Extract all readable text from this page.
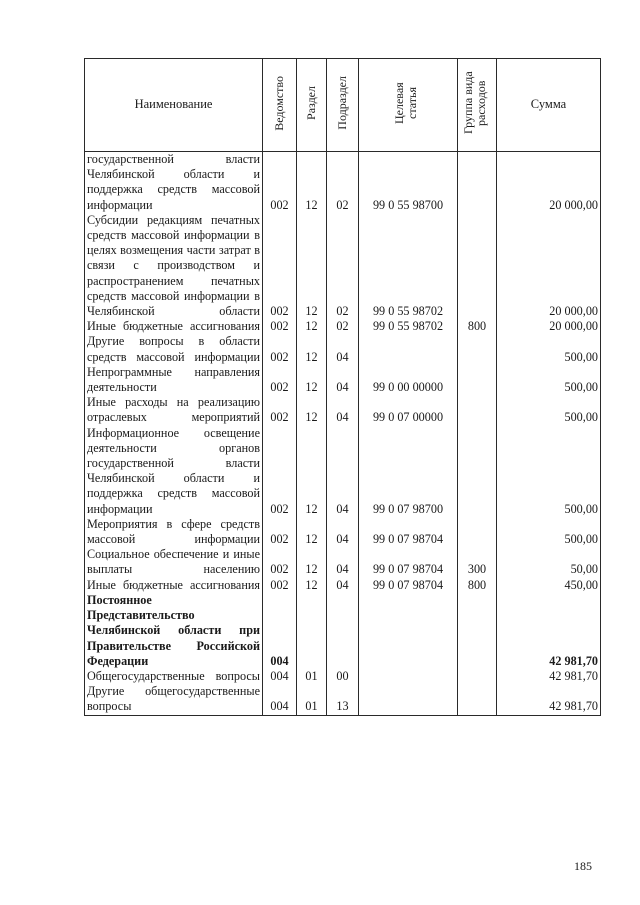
Наименование	Ведомство	Раздел	Подраздел	Целевая статья	Группа вида расходов	Сумма
государственной власти Челябинской области и поддержка средств массовой информации	002	12	02	99 0 55 98700		20 000,00
Субсидии редакциям печатных средств массовой информации в целях возмещения части затрат в связи с производством и распространением печатных средств массовой информации в Челябинской области	002	12	02	99 0 55 98702		20 000,00
Иные бюджетные ассигнования	002	12	02	99 0 55 98702	800	20 000,00
Другие вопросы в области средств массовой информации	002	12	04			500,00
Непрограммные направления деятельности	002	12	04	99 0 00 00000		500,00
Иные расходы на реализацию отраслевых мероприятий	002	12	04	99 0 07 00000		500,00
Информационное освещение деятельности органов государственной власти Челябинской области и поддержка средств массовой информации	002	12	04	99 0 07 98700		500,00
Мероприятия в сфере средств массовой информации	002	12	04	99 0 07 98704		500,00
Социальное обеспечение и иные выплаты населению	002	12	04	99 0 07 98704	300	50,00
Иные бюджетные ассигнования	002	12	04	99 0 07 98704	800	450,00
Постоянное Представительство Челябинской области при Правительстве Российской Федерации	004					42 981,70
Общегосударственные вопросы	004	01	00			42 981,70
Другие общегосударственные вопросы	004	01	13			42 981,70
185
